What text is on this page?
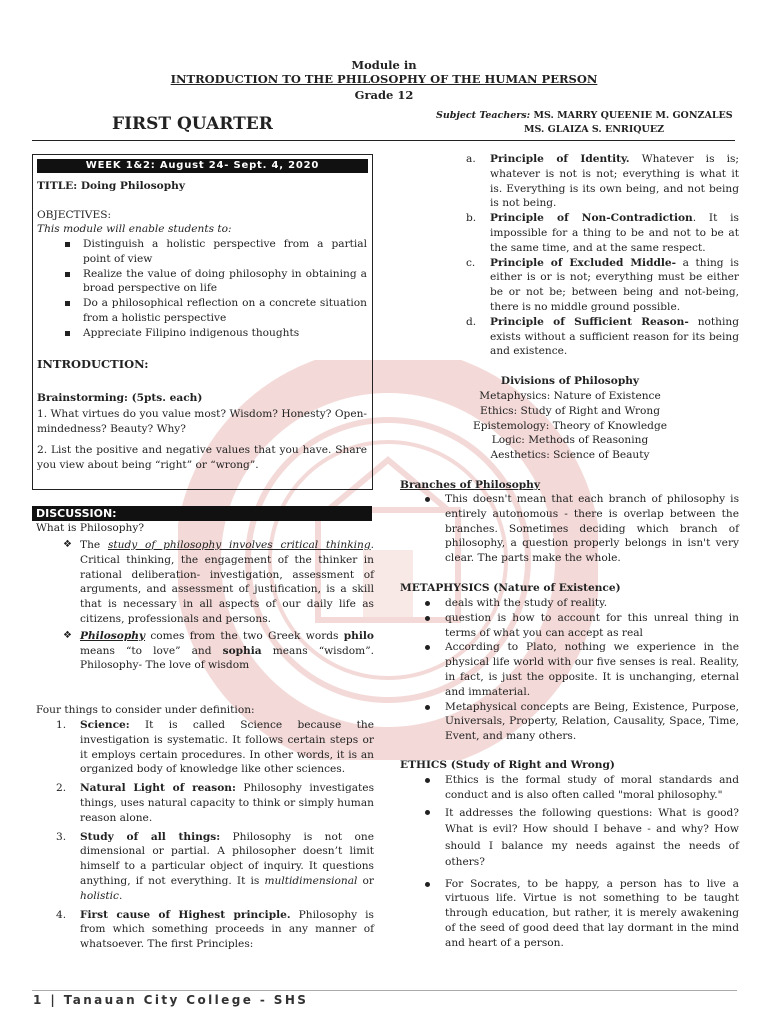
Module in
INTRODUCTION TO THE PHILOSOPHY OF THE HUMAN PERSON
Grade 12
FIRST QUARTER	Subject Teachers: MS. MARRY QUEENIE M. GONZALES
MS. GLAIZA S. ENRIQUEZ
WEEK 1&2: August 24- Sept. 4, 2020
TITLE: Doing Philosophy
OBJECTIVES:
This module will enable students to:
Distinguish a holistic perspective from a partial point of view
Realize the value of doing philosophy in obtaining a broad perspective on life
Do a philosophical reflection on a concrete situation from a holistic perspective
Appreciate Filipino indigenous thoughts
INTRODUCTION:
Brainstorming: (5pts. each)
1. What virtues do you value most? Wisdom? Honesty? Open-mindedness? Beauty? Why?
2. List the positive and negative values that you have. Share you view about being “right” or “wrong”.
DISCUSSION:
What is Philosophy?
❖ The study of philosophy involves critical thinking. Critical thinking, the engagement of the thinker in rational deliberation- investigation, assessment of arguments, and assessment of justification, is a skill that is necessary in all aspects of our daily life as citizens, professionals and persons.
❖ Philosophy comes from the two Greek words philo means “to love” and sophia means “wisdom”. Philosophy- The love of wisdom
Four things to consider under definition:
1. Science: It is called Science because the investigation is systematic. It follows certain steps or it employs certain procedures. In other words, it is an organized body of knowledge like other sciences.
2. Natural Light of reason: Philosophy investigates things, uses natural capacity to think or simply human reason alone.
3. Study of all things: Philosophy is not one dimensional or partial. A philosopher doesn’t limit himself to a particular object of inquiry. It questions anything, if not everything. It is multidimensional or holistic.
4. First cause of Highest principle. Philosophy is from which something proceeds in any manner of whatsoever. The first Principles:
a. Principle of Identity. Whatever is is; whatever is not is not; everything is what it is. Everything is its own being, and not being is not being.
b. Principle of Non-Contradiction. It is impossible for a thing to be and not to be at the same time, and at the same respect.
c. Principle of Excluded Middle- a thing is either is or is not; everything must be either be or not be; between being and not-being, there is no middle ground possible.
d. Principle of Sufficient Reason- nothing exists without a sufficient reason for its being and existence.
Divisions of Philosophy
Metaphysics: Nature of Existence
Ethics: Study of Right and Wrong
Epistemology: Theory of Knowledge
Logic: Methods of Reasoning
Aesthetics: Science of Beauty
Branches of Philosophy
This doesn't mean that each branch of philosophy is entirely autonomous - there is overlap between the branches. Sometimes deciding which branch of philosophy, a question properly belongs in isn't very clear. The parts make the whole.
METAPHYSICS (Nature of Existence)
deals with the study of reality.
question is how to account for this unreal thing in terms of what you can accept as real
According to Plato, nothing we experience in the physical life world with our five senses is real. Reality, in fact, is just the opposite. It is unchanging, eternal and immaterial.
Metaphysical concepts are Being, Existence, Purpose, Universals, Property, Relation, Causality, Space, Time, Event, and many others.
ETHICS (Study of Right and Wrong)
Ethics is the formal study of moral standards and conduct and is also often called "moral philosophy."
It addresses the following questions: What is good? What is evil? How should I behave - and why? How should I balance my needs against the needs of others?
For Socrates, to be happy, a person has to live a virtuous life. Virtue is not something to be taught through education, but rather, it is merely awakening of the seed of good deed that lay dormant in the mind and heart of a person.
1 | Tanauan City College - SHS
